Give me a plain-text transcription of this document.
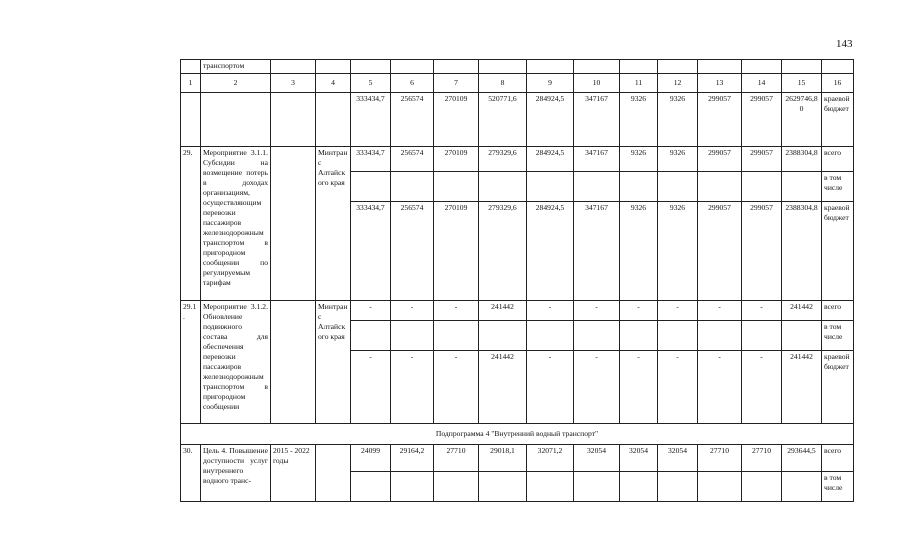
143
	транспортом														
1	2	3	4	5	6	7	8	9	10	11	12	13	14	15	16
				333434,7	256574	270109	520771,6	284924,5	347167	9326	9326	299057	299057	2629746,80	краевой бюджет
29.	Мероприятие 3.1.1. Субсидии на возмещение потерь в доходах организациям, осуществляющим перевозки пассажиров железнодорожным транспортом в пригородном сообщении по регулируемым тарифам		Минтранс Алтайского края	333434,7	256574	270109	279329,6	284924,5	347167	9326	9326	299057	299057	2388304,8	всего
															в том числе
				333434,7	256574	270109	279329,6	284924,5	347167	9326	9326	299057	299057	2388304,8	краевой бюджет
29.1.	Мероприятие 3.1.2. Обновление подвижного состава для обеспечения перевозки пассажиров железнодорожным транспортом в пригородном сообщении		Минтранс Алтайского края	-	-	-	241442	-	-	-	-	-	-	241442	всего
															в том числе
				-	-	-	241442	-	-	-	-	-	-	241442	краевой бюджет
Подпрограмма 4 "Внутренний водный транспорт"															
30.	Цель 4. Повышение доступности услуг внутреннего водного транс-	2015 - 2022 годы		24099	29164,2	27710	29018,1	32071,2	32054	32054	32054	27710	27710	293644,5	всего
															в том числе
